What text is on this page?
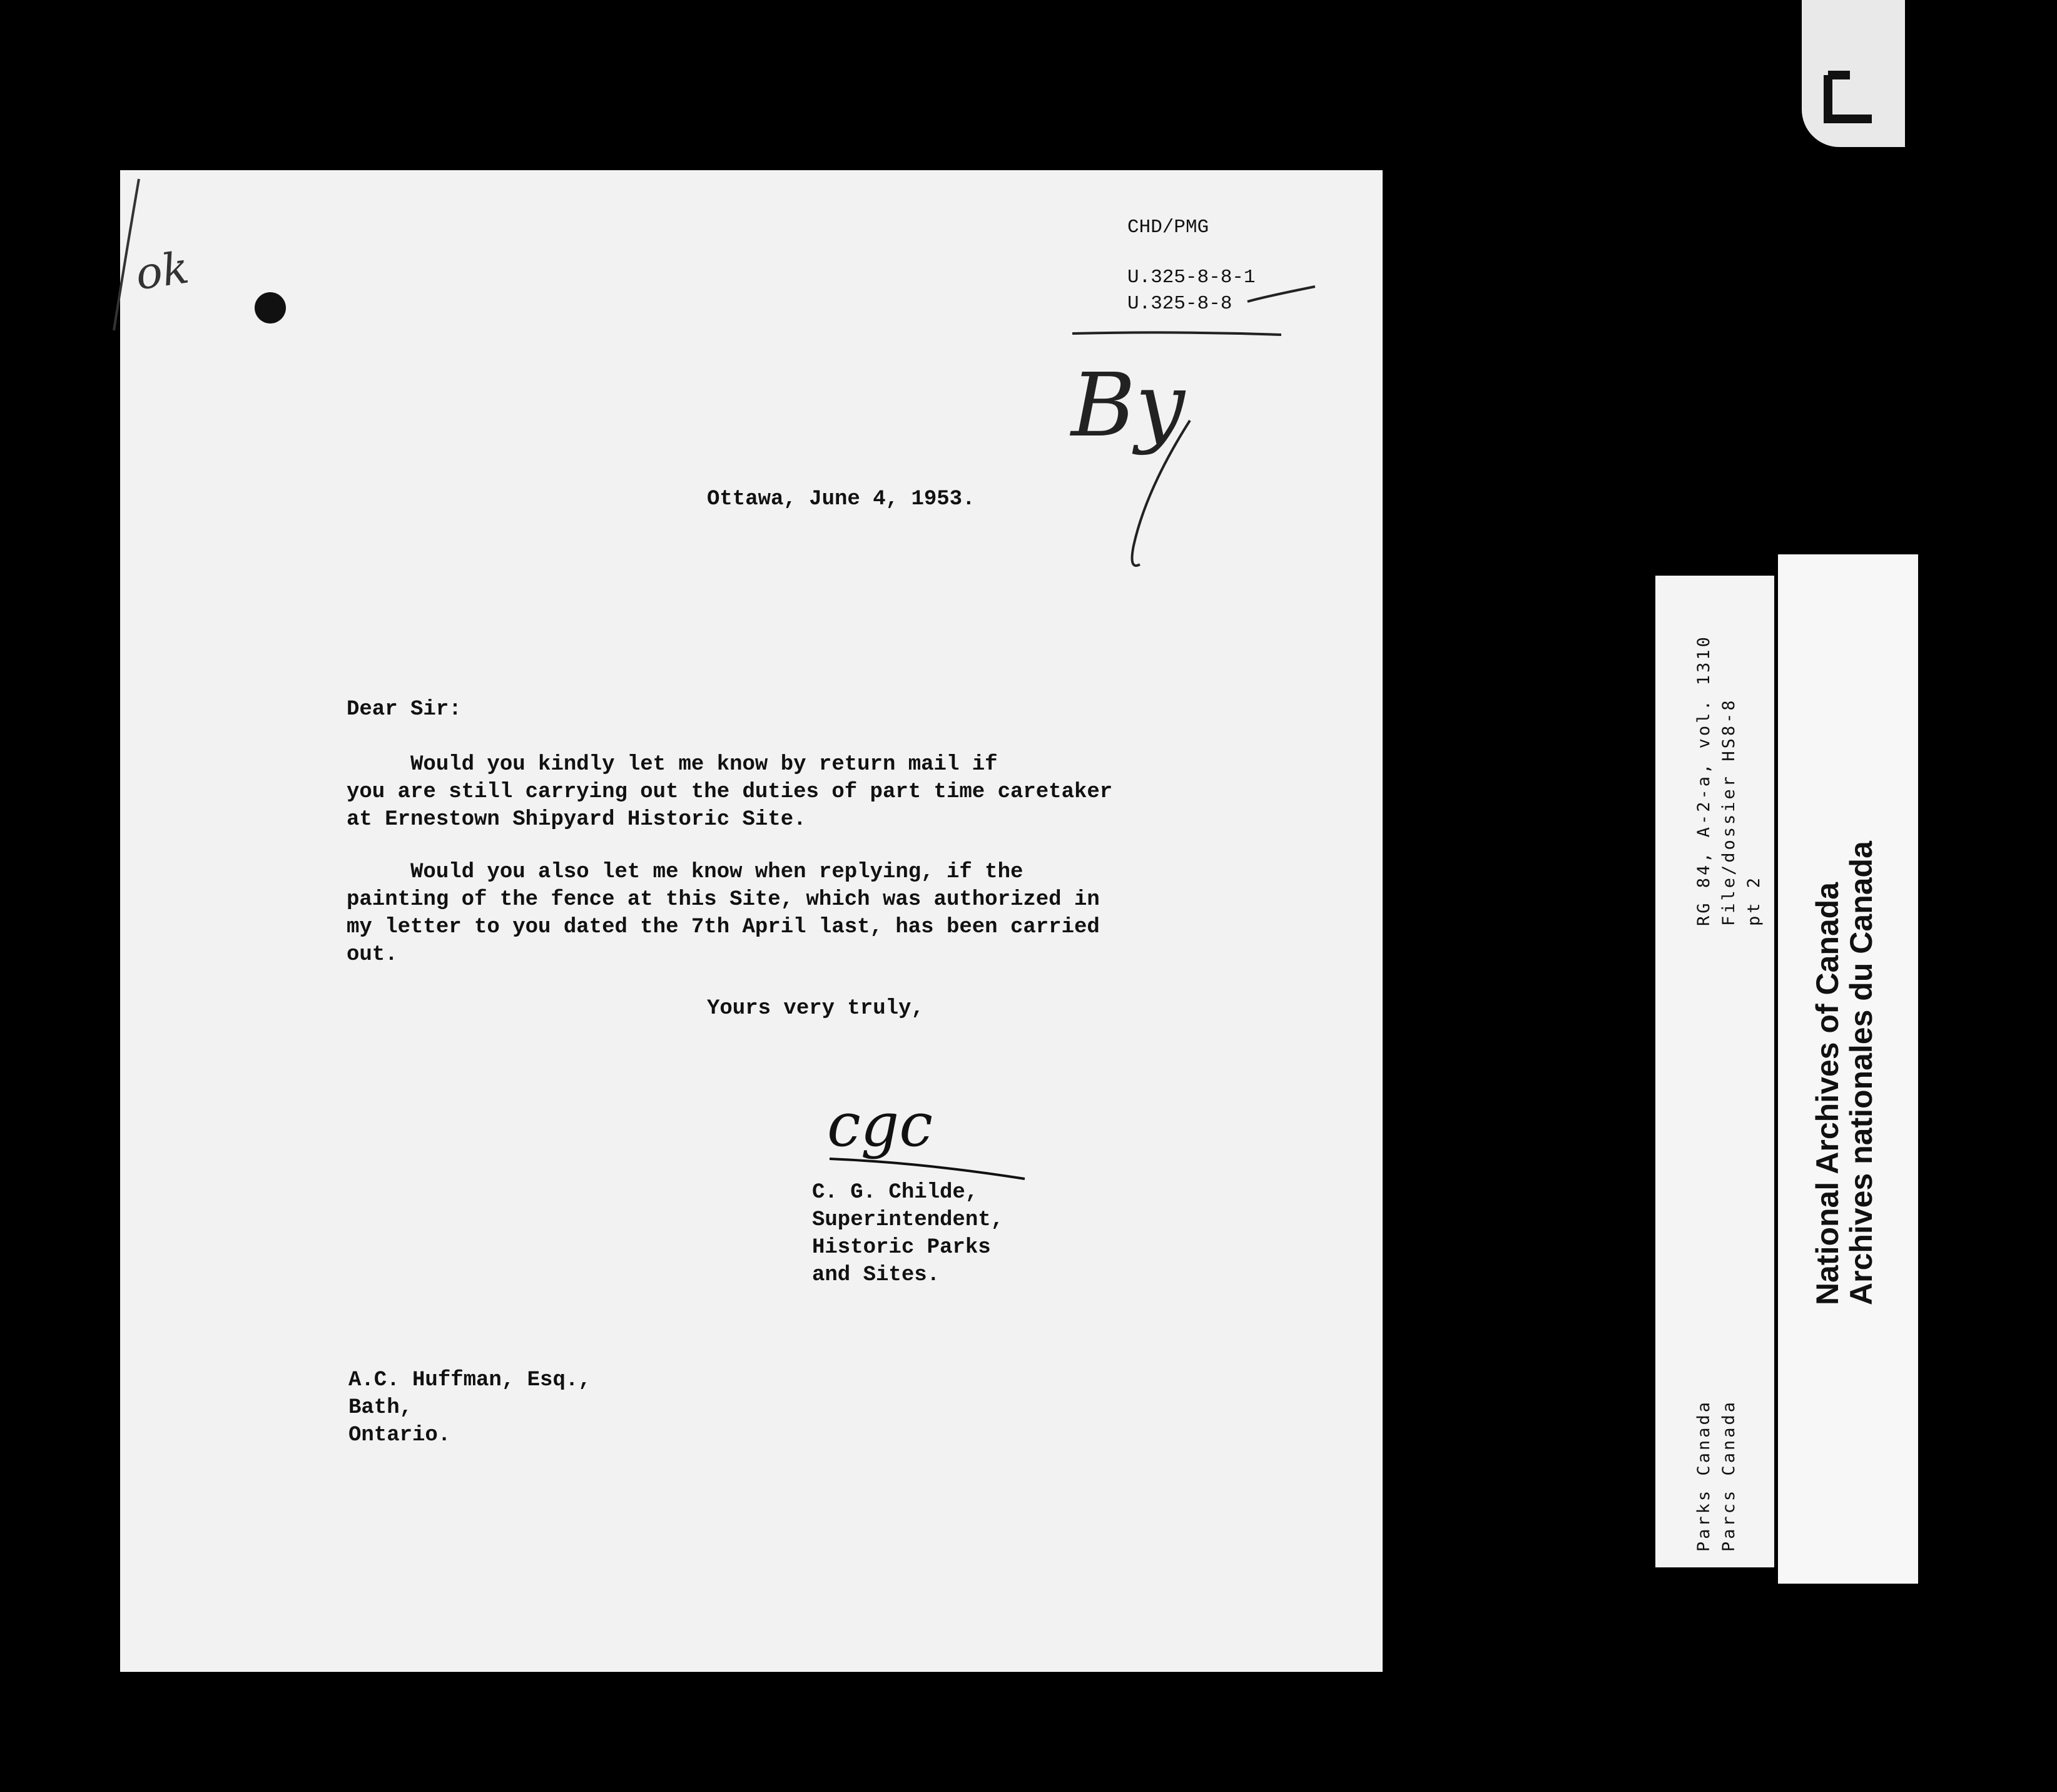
CHD/PMG
U.325-8-8-1
U.325-8-8
ok
By
Ottawa, June 4, 1953.
Dear Sir:
Would you kindly let me know by return mail if
you are still carrying out the duties of part time caretaker
at Ernestown Shipyard Historic Site.
Would you also let me know when replying, if the
painting of the fence at this Site, which was authorized in
my letter to you dated the 7th April last, has been carried
out.
Yours very truly,
cgc
C. G. Childe,
Superintendent,
Historic Parks
and Sites.
A.C. Huffman, Esq.,
Bath,
Ontario.
RG 84, A-2-a, vol. 1310 File/dossier HS8-8 pt 2
Parks Canada Parcs Canada
National Archives of Canada
Archives nationales du Canada
